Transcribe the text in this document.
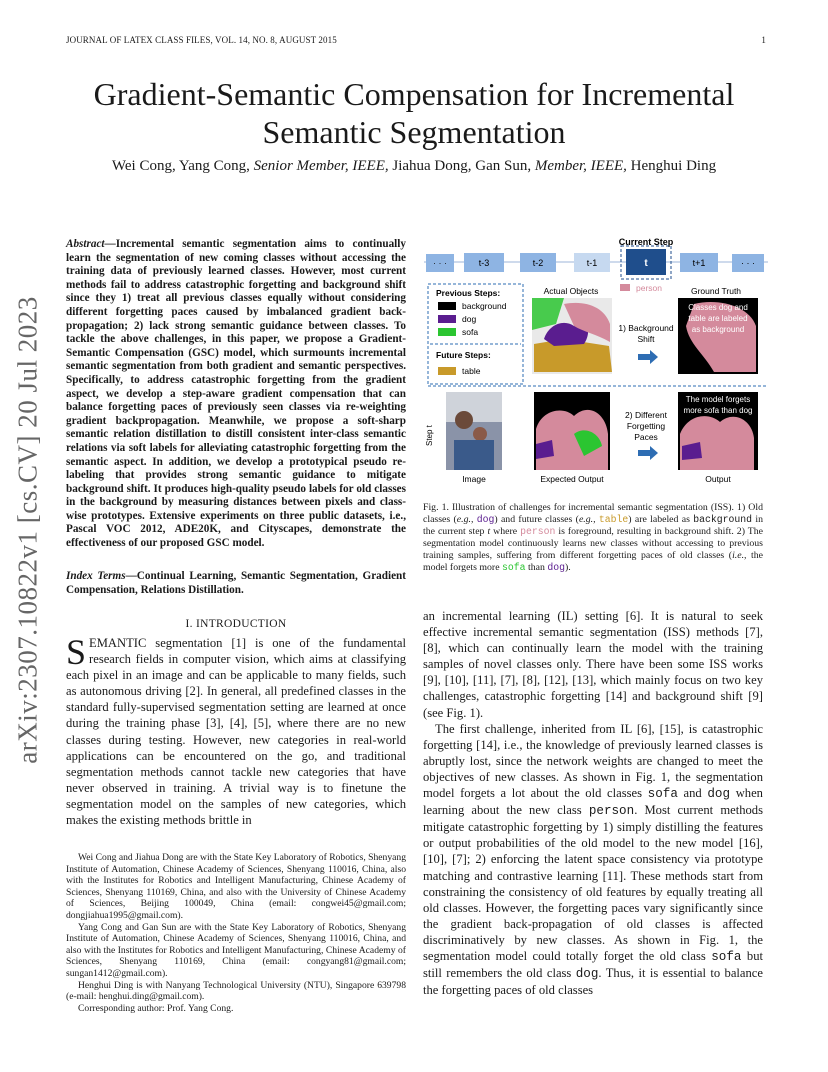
JOURNAL OF LATEX CLASS FILES, VOL. 14, NO. 8, AUGUST 2015	1
Gradient-Semantic Compensation for Incremental
Semantic Segmentation
Wei Cong, Yang Cong, Senior Member, IEEE, Jiahua Dong, Gan Sun, Member, IEEE, Henghui Ding
arXiv:2307.10822v1 [cs.CV] 20 Jul 2023
Abstract—Incremental semantic segmentation aims to continually learn the segmentation of new coming classes without accessing the training data of previously learned classes. However, most current methods fail to address catastrophic forgetting and background shift since they 1) treat all previous classes equally without considering different forgetting paces caused by imbalanced gradient back-propagation; 2) lack strong semantic guidance between classes. To tackle the above challenges, in this paper, we propose a Gradient-Semantic Compensation (GSC) model, which surmounts incremental semantic segmentation from both gradient and semantic perspectives. Specifically, to address catastrophic forgetting from the gradient aspect, we develop a step-aware gradient compensation that can balance forgetting paces of previously seen classes via re-weighting gradient backpropagation. Meanwhile, we propose a soft-sharp semantic relation distillation to distill consistent inter-class semantic relations via soft labels for alleviating catastrophic forgetting from the semantic aspect. In addition, we develop a prototypical pseudo re-labeling that provides strong semantic guidance to mitigate background shift. It produces high-quality pseudo labels for old classes in the background by measuring distances between pixels and class-wise prototypes. Extensive experiments on three public datasets, i.e., Pascal VOC 2012, ADE20K, and Cityscapes, demonstrate the effectiveness of our proposed GSC model.
Index Terms—Continual Learning, Semantic Segmentation, Gradient Compensation, Relations Distillation.
I. INTRODUCTION
SEMANTIC segmentation [1] is one of the fundamental research fields in computer vision, which aims at classifying each pixel in an image and can be applicable to many fields, such as autonomous driving [2]. In general, all predefined classes in the standard fully-supervised segmentation setting are learned at once during the training phase [3], [4], [5], where there are no new classes during testing. However, new categories in real-world applications can be encountered on the go, and traditional segmentation methods cannot tackle new categories that have never observed in training. A trivial way is to finetune the segmentation model on the samples of new categories, which makes the existing methods brittle in

Wei Cong and Jiahua Dong are with the State Key Laboratory of Robotics, Shenyang Institute of Automation, Chinese Academy of Sciences, Shenyang 110016, China, also with the Institutes for Robotics and Intelligent Manufacturing, Chinese Academy of Sciences, Shenyang 110169, China, and also with the University of Chinese Academy of Sciences, Beijing 100049, China (email: congwei45@gmail.com; dongjiahua1995@gmail.com).

Yang Cong and Gan Sun are with the State Key Laboratory of Robotics, Shenyang Institute of Automation, Chinese Academy of Sciences, Shenyang 110016, China, and also with the Institutes for Robotics and Intelligent Manufacturing, Chinese Academy of Sciences, Shenyang 110169, China (email: congyang81@gmail.com; sungan1412@gmail.com).

Henghui Ding is with Nanyang Technological University (NTU), Singapore 639798 (e-mail: henghui.ding@gmail.com).

Corresponding author: Prof. Yang Cong.

Current Step
· · ·	t-3	t-2	t-1	t	t+1	· · ·
Previous Steps:
background
dog
sofa
Future Steps:
table
Actual Objects	person
1) Background
Shift
Ground Truth
Classes dog and
table are labeled
as background
Step t
Image	Expected Output
2) Different
Forgetting
Paces
The model forgets
more sofa than dog
Output
Fig. 1. Illustration of challenges for incremental semantic segmentation (ISS). 1) Old classes (e.g., dog) and future classes (e.g., table) are labeled as background in the current step t where person is foreground, resulting in background shift. 2) The segmentation model continuously learns new classes without accessing to previous training samples, suffering from different forgetting paces of old classes (i.e., the model forgets more sofa than dog).

an incremental learning (IL) setting [6]. It is natural to seek effective incremental semantic segmentation (ISS) methods [7], [8], which can continually learn the model with the training samples of novel classes only. There have been some ISS works [9], [10], [11], [7], [8], [12], [13], which mainly focus on two key challenges, catastrophic forgetting [14] and background shift [9] (see Fig. 1).

The first challenge, inherited from IL [6], [15], is catastrophic forgetting [14], i.e., the knowledge of previously learned classes is abruptly lost, since the network weights are changed to meet the objectives of new classes. As shown in Fig. 1, the segmentation model forgets a lot about the old classes sofa and dog when learning about the new class person. Most current methods mitigate catastrophic forgetting by 1) simply distilling the features or output probabilities of the old model to the new model [16], [10], [7]; 2) enforcing the latent space consistency via prototype matching and contrastive learning [11]. These methods start from constraining the consistency of old features by equally treating all old classes. However, the forgetting paces vary significantly since the gradient back-propagation of old classes is affected discriminatively by new classes. As shown in Fig. 1, the segmentation model could totally forget the old class sofa but still remembers the old class dog. Thus, it is essential to balance the forgetting paces of old classes
